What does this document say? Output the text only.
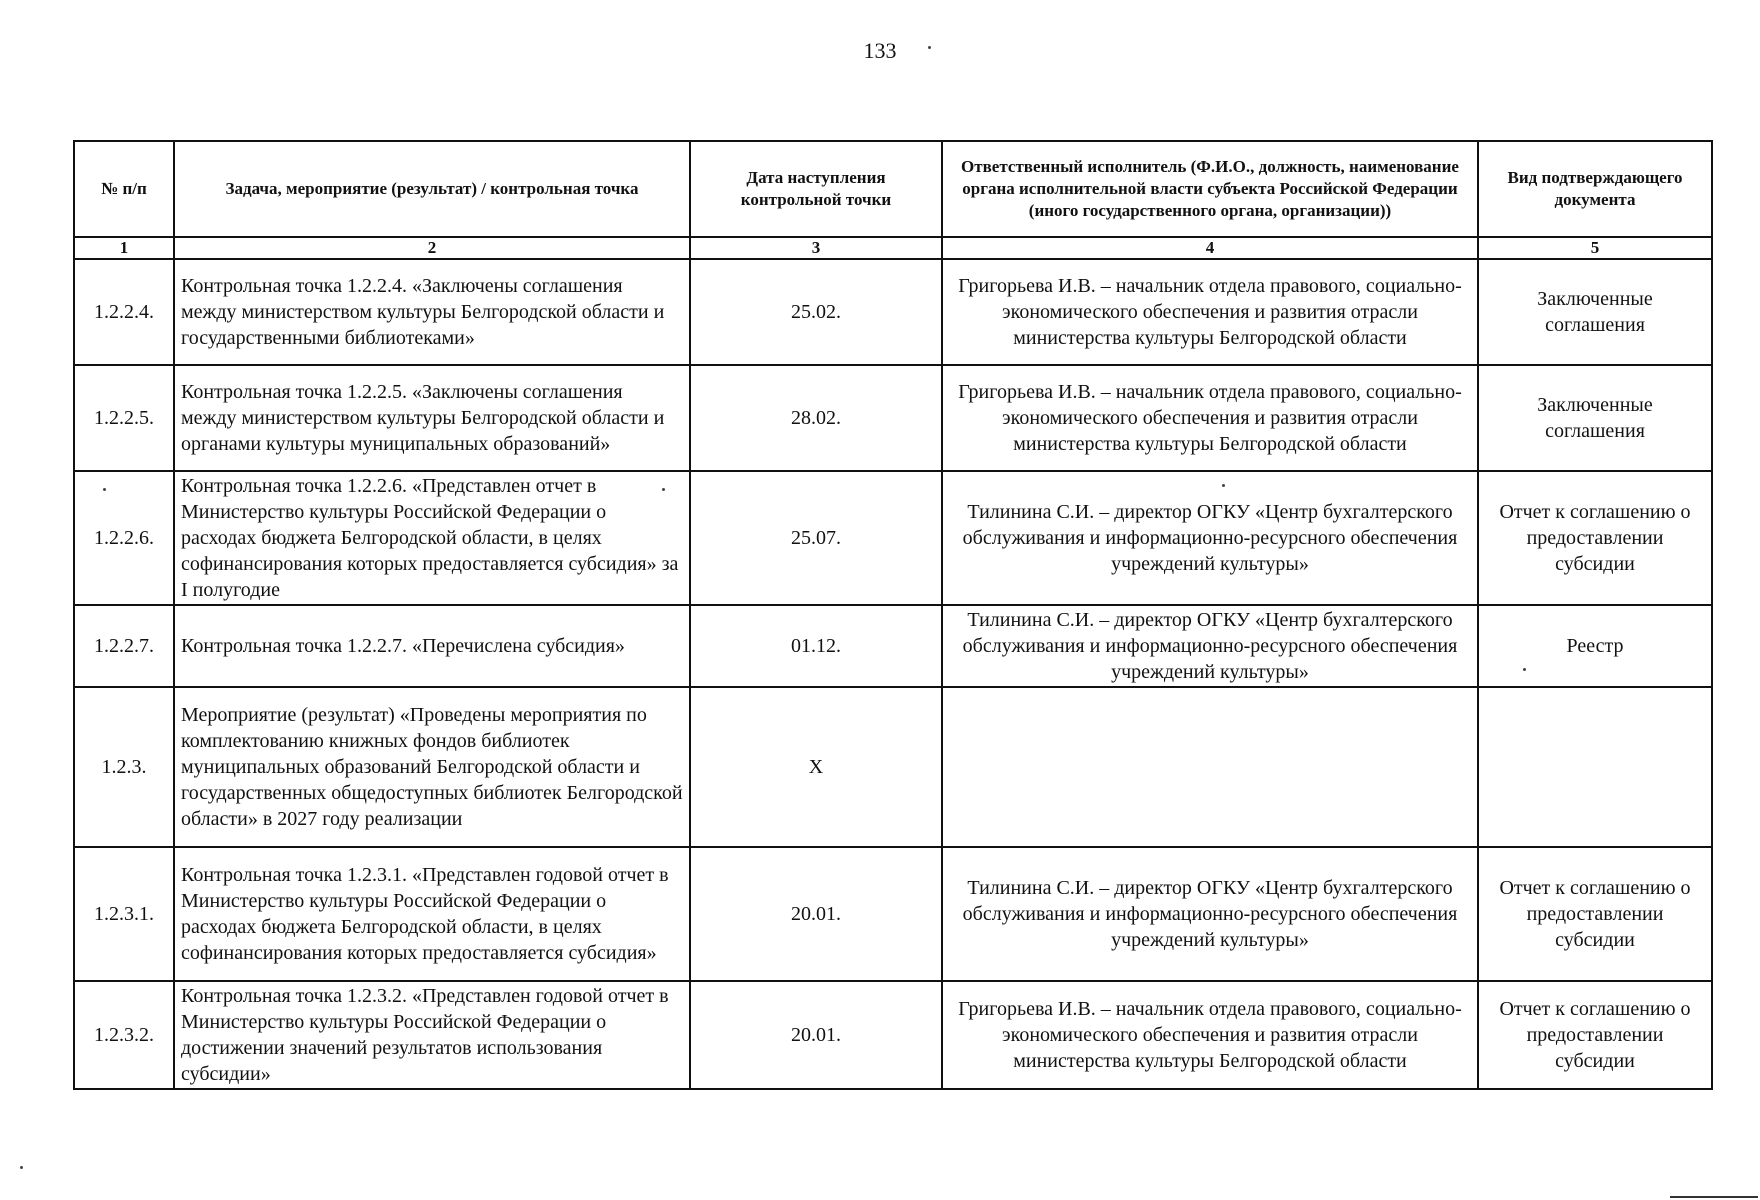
133
№ п/п	Задача, мероприятие (результат) / контрольная точка	Дата наступления контрольной точки	Ответственный исполнитель (Ф.И.О., должность, наименование органа исполнительной власти субъекта Российской Федерации (иного государственного органа, организации))	Вид подтверждающего документа
1	2	3	4	5
1.2.2.4.	Контрольная точка 1.2.2.4. «Заключены соглашения между министерством культуры Белгородской области и государственными библиотеками»	25.02.	Григорьева И.В. – начальник отдела правового, социально-экономического обеспечения и развития отрасли министерства культуры Белгородской области	Заключенные соглашения
1.2.2.5.	Контрольная точка 1.2.2.5. «Заключены соглашения между министерством культуры Белгородской области и органами культуры муниципальных образований»	28.02.	Григорьева И.В. – начальник отдела правового, социально-экономического обеспечения и развития отрасли министерства культуры Белгородской области	Заключенные соглашения
1.2.2.6.	Контрольная точка 1.2.2.6. «Представлен отчет в Министерство культуры Российской Федерации о расходах бюджета Белгородской области, в целях софинансирования которых предоставляется субсидия» за I полугодие	25.07.	Тилинина С.И. – директор ОГКУ «Центр бухгалтерского обслуживания и информационно-ресурсного обеспечения учреждений культуры»	Отчет к соглашению о предоставлении субсидии
1.2.2.7.	Контрольная точка 1.2.2.7. «Перечислена субсидия»	01.12.	Тилинина С.И. – директор ОГКУ «Центр бухгалтерского обслуживания и информационно-ресурсного обеспечения учреждений культуры»	Реестр
1.2.3.	Мероприятие (результат) «Проведены мероприятия по комплектованию книжных фондов библиотек муниципальных образований Белгородской области и государственных общедоступных библиотек Белгородской области» в 2027 году реализации	Х		
1.2.3.1.	Контрольная точка 1.2.3.1. «Представлен годовой отчет в Министерство культуры Российской Федерации о расходах бюджета Белгородской области, в целях софинансирования которых предоставляется субсидия»	20.01.	Тилинина С.И. – директор ОГКУ «Центр бухгалтерского обслуживания и информационно-ресурсного обеспечения учреждений культуры»	Отчет к соглашению о предоставлении субсидии
1.2.3.2.	Контрольная точка 1.2.3.2. «Представлен годовой отчет в Министерство культуры Российской Федерации о достижении значений результатов использования субсидии»	20.01.	Григорьева И.В. – начальник отдела правового, социально-экономического обеспечения и развития отрасли министерства культуры Белгородской области	Отчет к соглашению о предоставлении субсидии
